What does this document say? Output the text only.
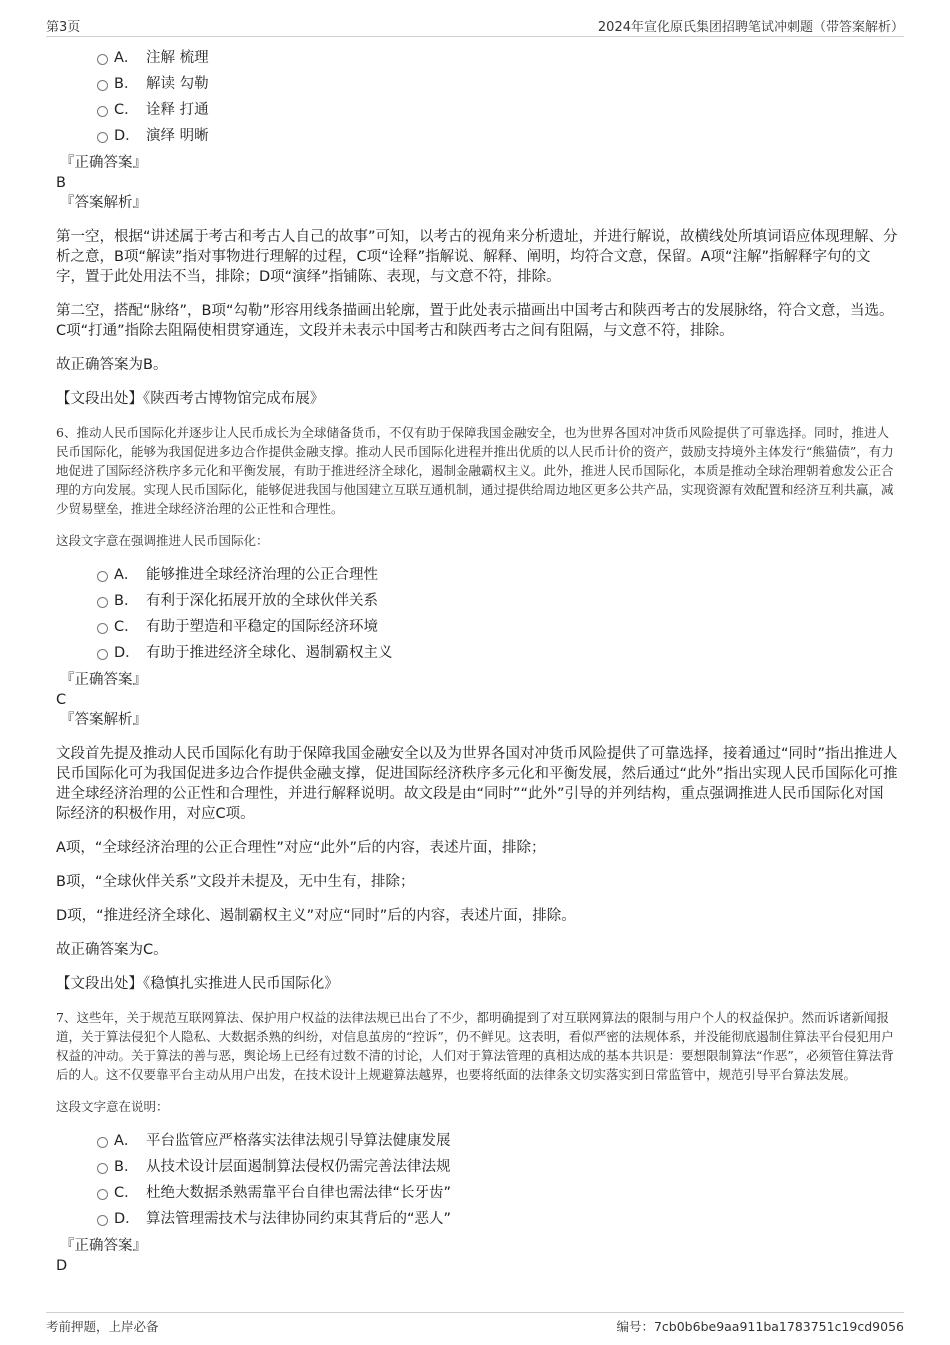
第3页	2024年宣化原氏集团招聘笔试冲刺题（带答案解析）
A． 注解 梳理
B． 解读 勾勒
C． 诠释 打通
D． 演绎 明晰
『正确答案』
B
『答案解析』

第一空，根据“讲述属于考古和考古人自己的故事”可知，以考古的视角来分析遗址，并进行解说，故横线处所填词语应体现理解、分析之意，B项“解读”指对事物进行理解的过程，C项“诠释”指解说、解释、阐明，均符合文意，保留。A项“注解”指解释字句的文字，置于此处用法不当，排除；D项“演绎”指铺陈、表现，与文意不符，排除。

第二空，搭配“脉络”，B项“勾勒”形容用线条描画出轮廓，置于此处表示描画出中国考古和陕西考古的发展脉络，符合文意，当选。C项“打通”指除去阻隔使相贯穿通连，文段并未表示中国考古和陕西考古之间有阻隔，与文意不符，排除。

故正确答案为B。

【文段出处】《陕西考古博物馆完成布展》

6、推动人民币国际化并逐步让人民币成长为全球储备货币，不仅有助于保障我国金融安全，也为世界各国对冲货币风险提供了可靠选择。同时，推进人民币国际化，能够为我国促进多边合作提供金融支撑。推动人民币国际化进程并推出优质的以人民币计价的资产，鼓励支持境外主体发行“熊猫债”，有力地促进了国际经济秩序多元化和平衡发展，有助于推进经济全球化，遏制金融霸权主义。此外，推进人民币国际化，本质是推动全球治理朝着愈发公正合理的方向发展。实现人民币国际化，能够促进我国与他国建立互联互通机制，通过提供给周边地区更多公共产品，实现资源有效配置和经济互利共赢，减少贸易壁垒，推进全球经济治理的公正性和合理性。

这段文字意在强调推进人民币国际化：

A． 能够推进全球经济治理的公正合理性
B． 有利于深化拓展开放的全球伙伴关系
C． 有助于塑造和平稳定的国际经济环境
D． 有助于推进经济全球化、遏制霸权主义
『正确答案』
C
『答案解析』

文段首先提及推动人民币国际化有助于保障我国金融安全以及为世界各国对冲货币风险提供了可靠选择，接着通过“同时”指出推进人民币国际化可为我国促进多边合作提供金融支撑，促进国际经济秩序多元化和平衡发展，然后通过“此外”指出实现人民币国际化可推进全球经济治理的公正性和合理性，并进行解释说明。故文段是由“同时”“此外”引导的并列结构，重点强调推进人民币国际化对国际经济的积极作用，对应C项。

A项，“全球经济治理的公正合理性”对应“此外”后的内容，表述片面，排除；

B项，“全球伙伴关系”文段并未提及，无中生有，排除；

D项，“推进经济全球化、遏制霸权主义”对应“同时”后的内容，表述片面，排除。

故正确答案为C。

【文段出处】《稳慎扎实推进人民币国际化》

7、这些年，关于规范互联网算法、保护用户权益的法律法规已出台了不少，都明确提到了对互联网算法的限制与用户个人的权益保护。然而诉诸新闻报道，关于算法侵犯个人隐私、大数据杀熟的纠纷，对信息茧房的“控诉”，仍不鲜见。这表明，看似严密的法规体系，并没能彻底遏制住算法平台侵犯用户权益的冲动。关于算法的善与恶，舆论场上已经有过数不清的讨论，人们对于算法管理的真相达成的基本共识是：要想限制算法“作恶”，必须管住算法背后的人。这不仅要靠平台主动从用户出发，在技术设计上规避算法越界，也要将纸面的法律条文切实落实到日常监管中，规范引导平台算法发展。

这段文字意在说明：

A． 平台监管应严格落实法律法规引导算法健康发展
B． 从技术设计层面遏制算法侵权仍需完善法律法规
C． 杜绝大数据杀熟需靠平台自律也需法律“长牙齿”
D． 算法管理需技术与法律协同约束其背后的“恶人”
『正确答案』
D
考前押题，上岸必备	编号：7cb0b6be9aa911ba1783751c19cd9056
